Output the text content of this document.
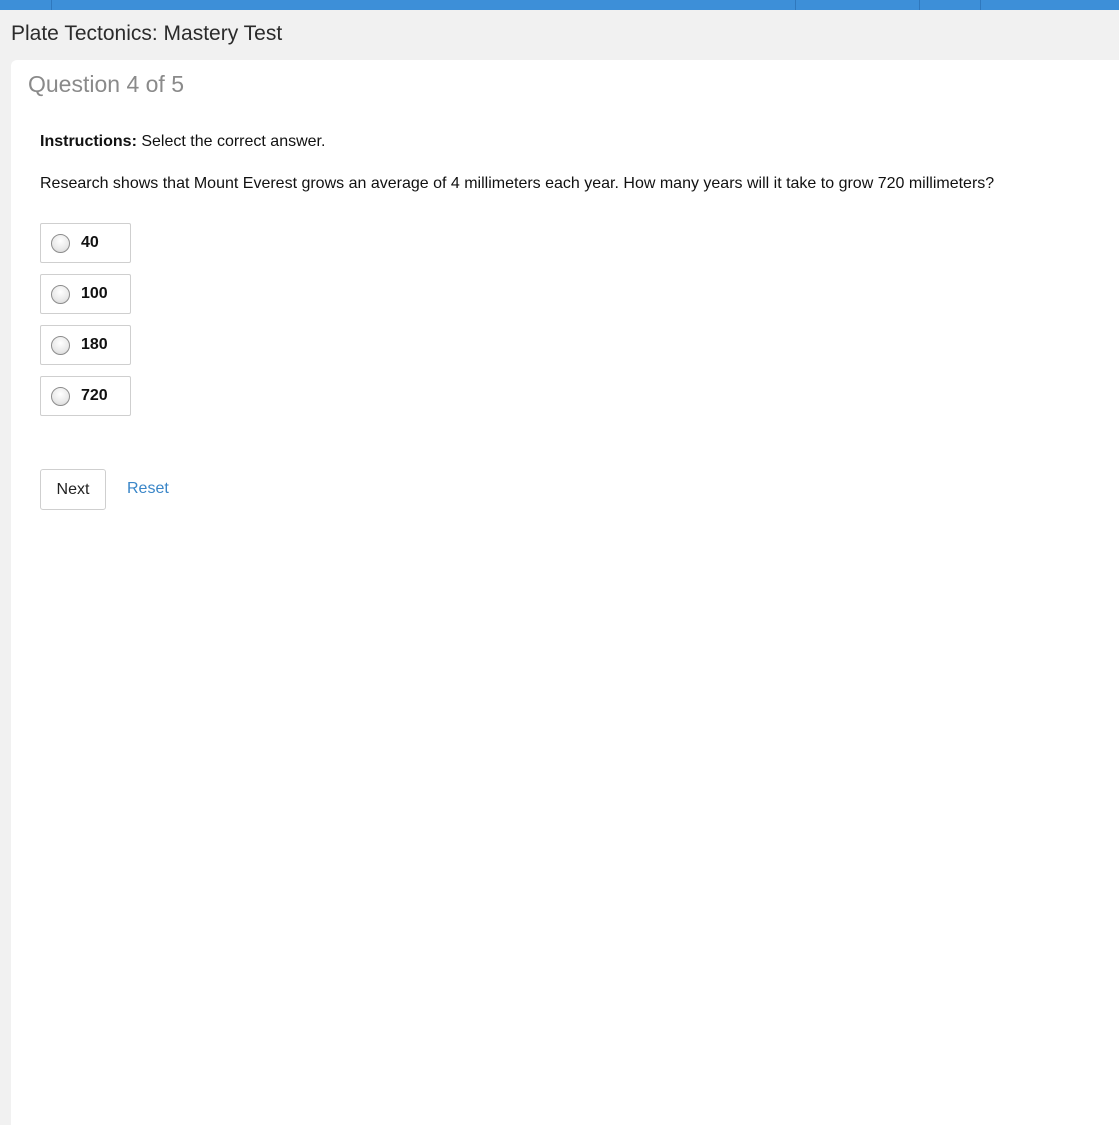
Plate Tectonics: Mastery Test
Question 4 of 5
Instructions: Select the correct answer.
Research shows that Mount Everest grows an average of 4 millimeters each year. How many years will it take to grow 720 millimeters?
40
100
180
720
Next	Reset
